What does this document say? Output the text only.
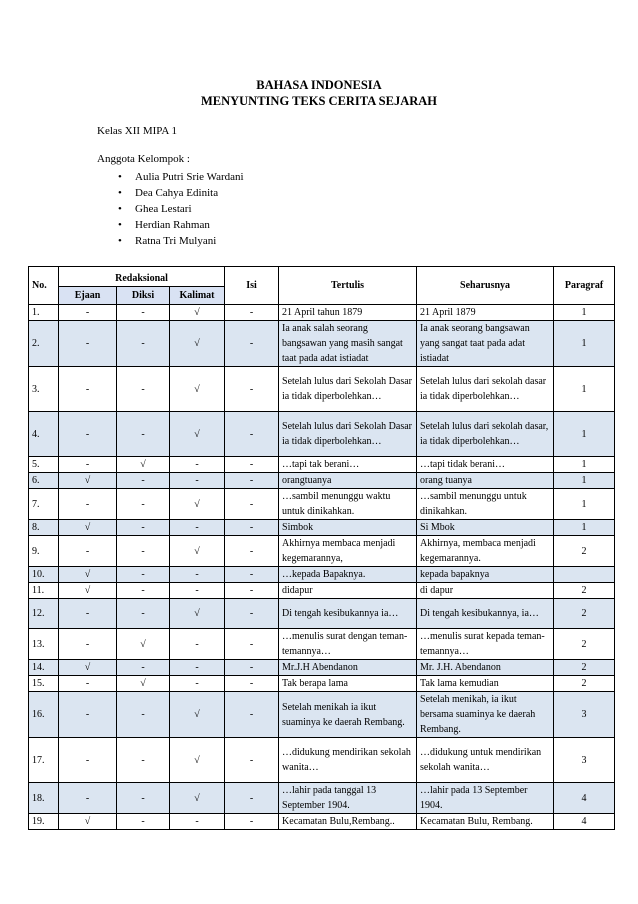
BAHASA INDONESIA
MENYUNTING TEKS CERITA SEJARAH
Kelas XII MIPA 1
Anggota Kelompok :
• Aulia Putri Srie Wardani
• Dea Cahya Edinita
• Ghea Lestari
• Herdian Rahman
• Ratna Tri Mulyani
No.	Redaksional			Isi	Tertulis	Seharusnya	Paragraf
	Ejaan	Diksi	Kalimat				
1.	-	-	√	-	21 April tahun 1879	21 April 1879	1
2.	-	-	√	-	Ia anak salah seorang bangsawan yang masih sangat taat pada adat istiadat	Ia anak seorang bangsawan yang sangat taat pada adat istiadat	1
3.	-	-	√	-	Setelah lulus dari Sekolah Dasar ia tidak diperbolehkan…	Setelah lulus dari sekolah dasar ia tidak diperbolehkan…	1
4.	-	-	√	-	Setelah lulus dari Sekolah Dasar ia tidak diperbolehkan…	Setelah lulus dari sekolah dasar, ia tidak diperbolehkan…	1
5.	-	√	-	-	…tapi tak berani…	…tapi tidak berani…	1
6.	√	-	-	-	orangtuanya	orang tuanya	1
7.	-	-	√	-	…sambil menunggu waktu untuk dinikahkan.	…sambil menunggu untuk dinikahkan.	1
8.	√	-	-	-	Simbok	Si Mbok	1
9.	-	-	√	-	Akhirnya membaca menjadi kegemarannya,	Akhirnya, membaca menjadi kegemarannya.	2
10.	√	-	-	-	…kepada Bapaknya.	kepada bapaknya	
11.	√	-	-	-	didapur	di dapur	2
12.	-	-	√	-	Di tengah kesibukannya ia…	Di tengah kesibukannya, ia…	2
13.	-	√	-	-	…menulis surat dengan teman-temannya…	…menulis surat kepada teman-temannya…	2
14.	√	-	-	-	Mr.J.H Abendanon	Mr. J.H. Abendanon	2
15.	-	√	-	-	Tak berapa lama	Tak lama kemudian	2
16.	-	-	√	-	Setelah menikah ia ikut suaminya ke daerah Rembang.	Setelah menikah, ia ikut bersama suaminya ke daerah Rembang.	3
17.	-	-	√	-	…didukung mendirikan sekolah wanita…	…didukung untuk mendirikan sekolah wanita…	3
18.	-	-	√	-	…lahir pada tanggal 13 September 1904.	…lahir pada 13 September 1904.	4
19.	√	-	-	-	Kecamatan Bulu,Rembang..	Kecamatan Bulu, Rembang.	4
